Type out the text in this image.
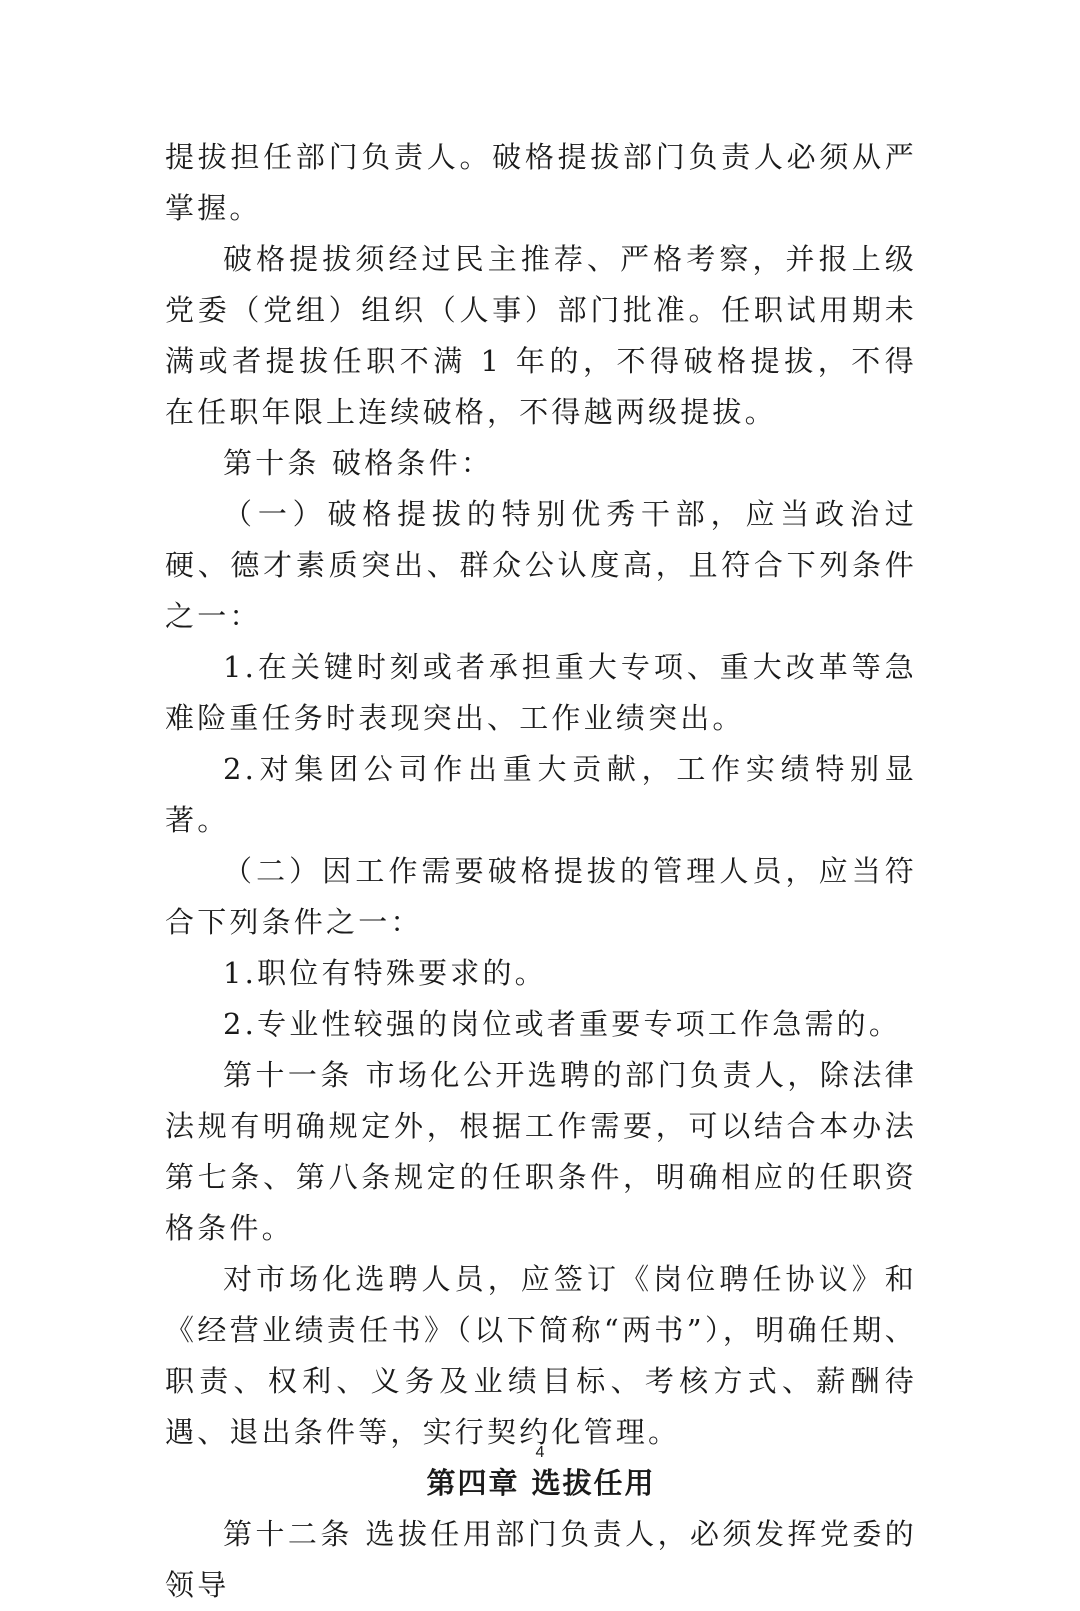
提拔担任部门负责人。破格提拔部门负责人必须从严掌握。

破格提拔须经过民主推荐、严格考察，并报上级党委（党组）组织（人事）部门批准。任职试用期未满或者提拔任职不满 1 年的，不得破格提拔，不得在任职年限上连续破格，不得越两级提拔。

第十条 破格条件：

（一）破格提拔的特别优秀干部，应当政治过硬、德才素质突出、群众公认度高，且符合下列条件之一：

1.在关键时刻或者承担重大专项、重大改革等急难险重任务时表现突出、工作业绩突出。

2.对集团公司作出重大贡献，工作实绩特别显著。

（二）因工作需要破格提拔的管理人员，应当符合下列条件之一：

1.职位有特殊要求的。

2.专业性较强的岗位或者重要专项工作急需的。

第十一条 市场化公开选聘的部门负责人，除法律法规有明确规定外，根据工作需要，可以结合本办法第七条、第八条规定的任职条件，明确相应的任职资格条件。

对市场化选聘人员，应签订《岗位聘任协议》和《经营业绩责任书》（以下简称“两书”），明确任期、职责、权利、义务及业绩目标、考核方式、薪酬待遇、退出条件等，实行契约化管理。

第四章 选拔任用

第十二条 选拔任用部门负责人，必须发挥党委的领导

4
